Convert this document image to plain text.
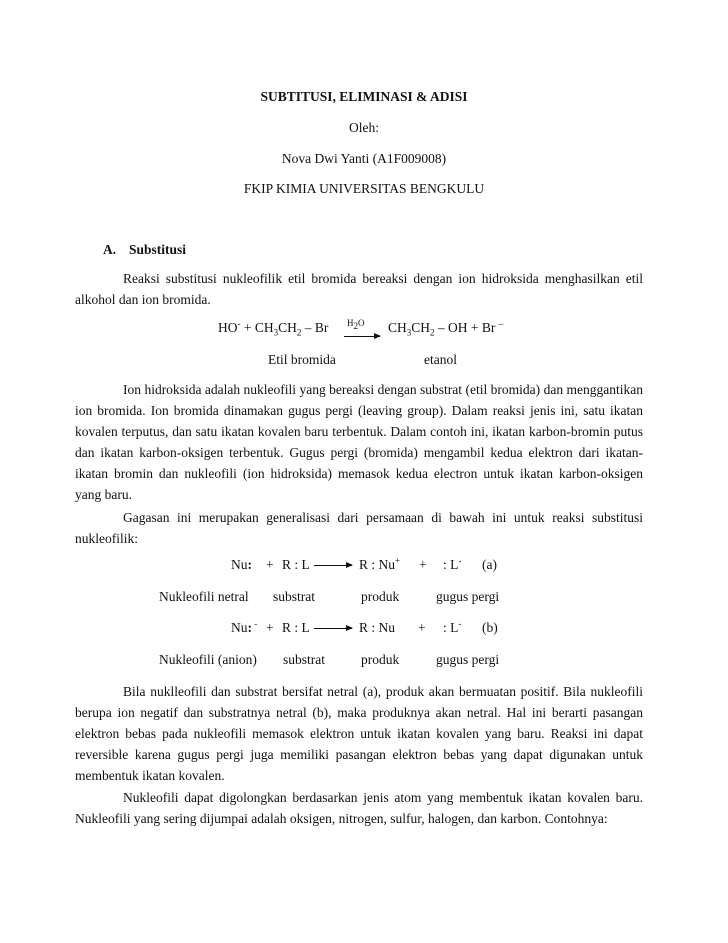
SUBTITUSI, ELIMINASI & ADISI
Oleh:
Nova Dwi Yanti (A1F009008)
FKIP KIMIA UNIVERSITAS BENGKULU
A. Substitusi
Reaksi substitusi nukleofilik etil bromida bereaksi dengan ion hidroksida menghasilkan etil alkohol dan ion bromida.
$HO^- + CH_3CH_2 - Br$ $H_2O$ $CH_3CH_2$ – OH + Br –
Etil bromida	etanol
Ion hidroksida adalah nukleofili yang bereaksi dengan substrat (etil bromida) dan menggantikan ion bromida. Ion bromida dinamakan gugus pergi (leaving group). Dalam reaksi jenis ini, satu ikatan kovalen terputus, dan satu ikatan kovalen baru terbentuk. Dalam contoh ini, ikatan karbon-bromin putus dan ikatan karbon-oksigen terbentuk. Gugus pergi (bromida) mengambil kedua elektron dari ikatan-ikatan bromin dan nukleofili (ion hidroksida) memasok kedua electron untuk ikatan karbon-oksigen yang baru.
Gagasan ini merupakan generalisasi dari persamaan di bawah ini untuk reaksi substitusi nukleofilik:
Nu: + R : L	R : Nu+ + : L- (a)
Nukleofili netral substrat	produk	gugus pergi
Nu: - + R : L	R : Nu + : L- (b)
Nukleofili (anion) substrat	produk	gugus pergi
Bila nuklleofili dan substrat bersifat netral (a), produk akan bermuatan positif. Bila nukleofili berupa ion negatif dan substratnya netral (b), maka produknya akan netral. Hal ini berarti pasangan elektron bebas pada nukleofili memasok elektron untuk ikatan kovalen yang baru. Reaksi ini dapat reversible karena gugus pergi juga memiliki pasangan elektron bebas yang dapat digunakan untuk membentuk ikatan kovalen.
Nukleofili dapat digolongkan berdasarkan jenis atom yang membentuk ikatan kovalen baru. Nukleofili yang sering dijumpai adalah oksigen, nitrogen, sulfur, halogen, dan karbon. Contohnya:
